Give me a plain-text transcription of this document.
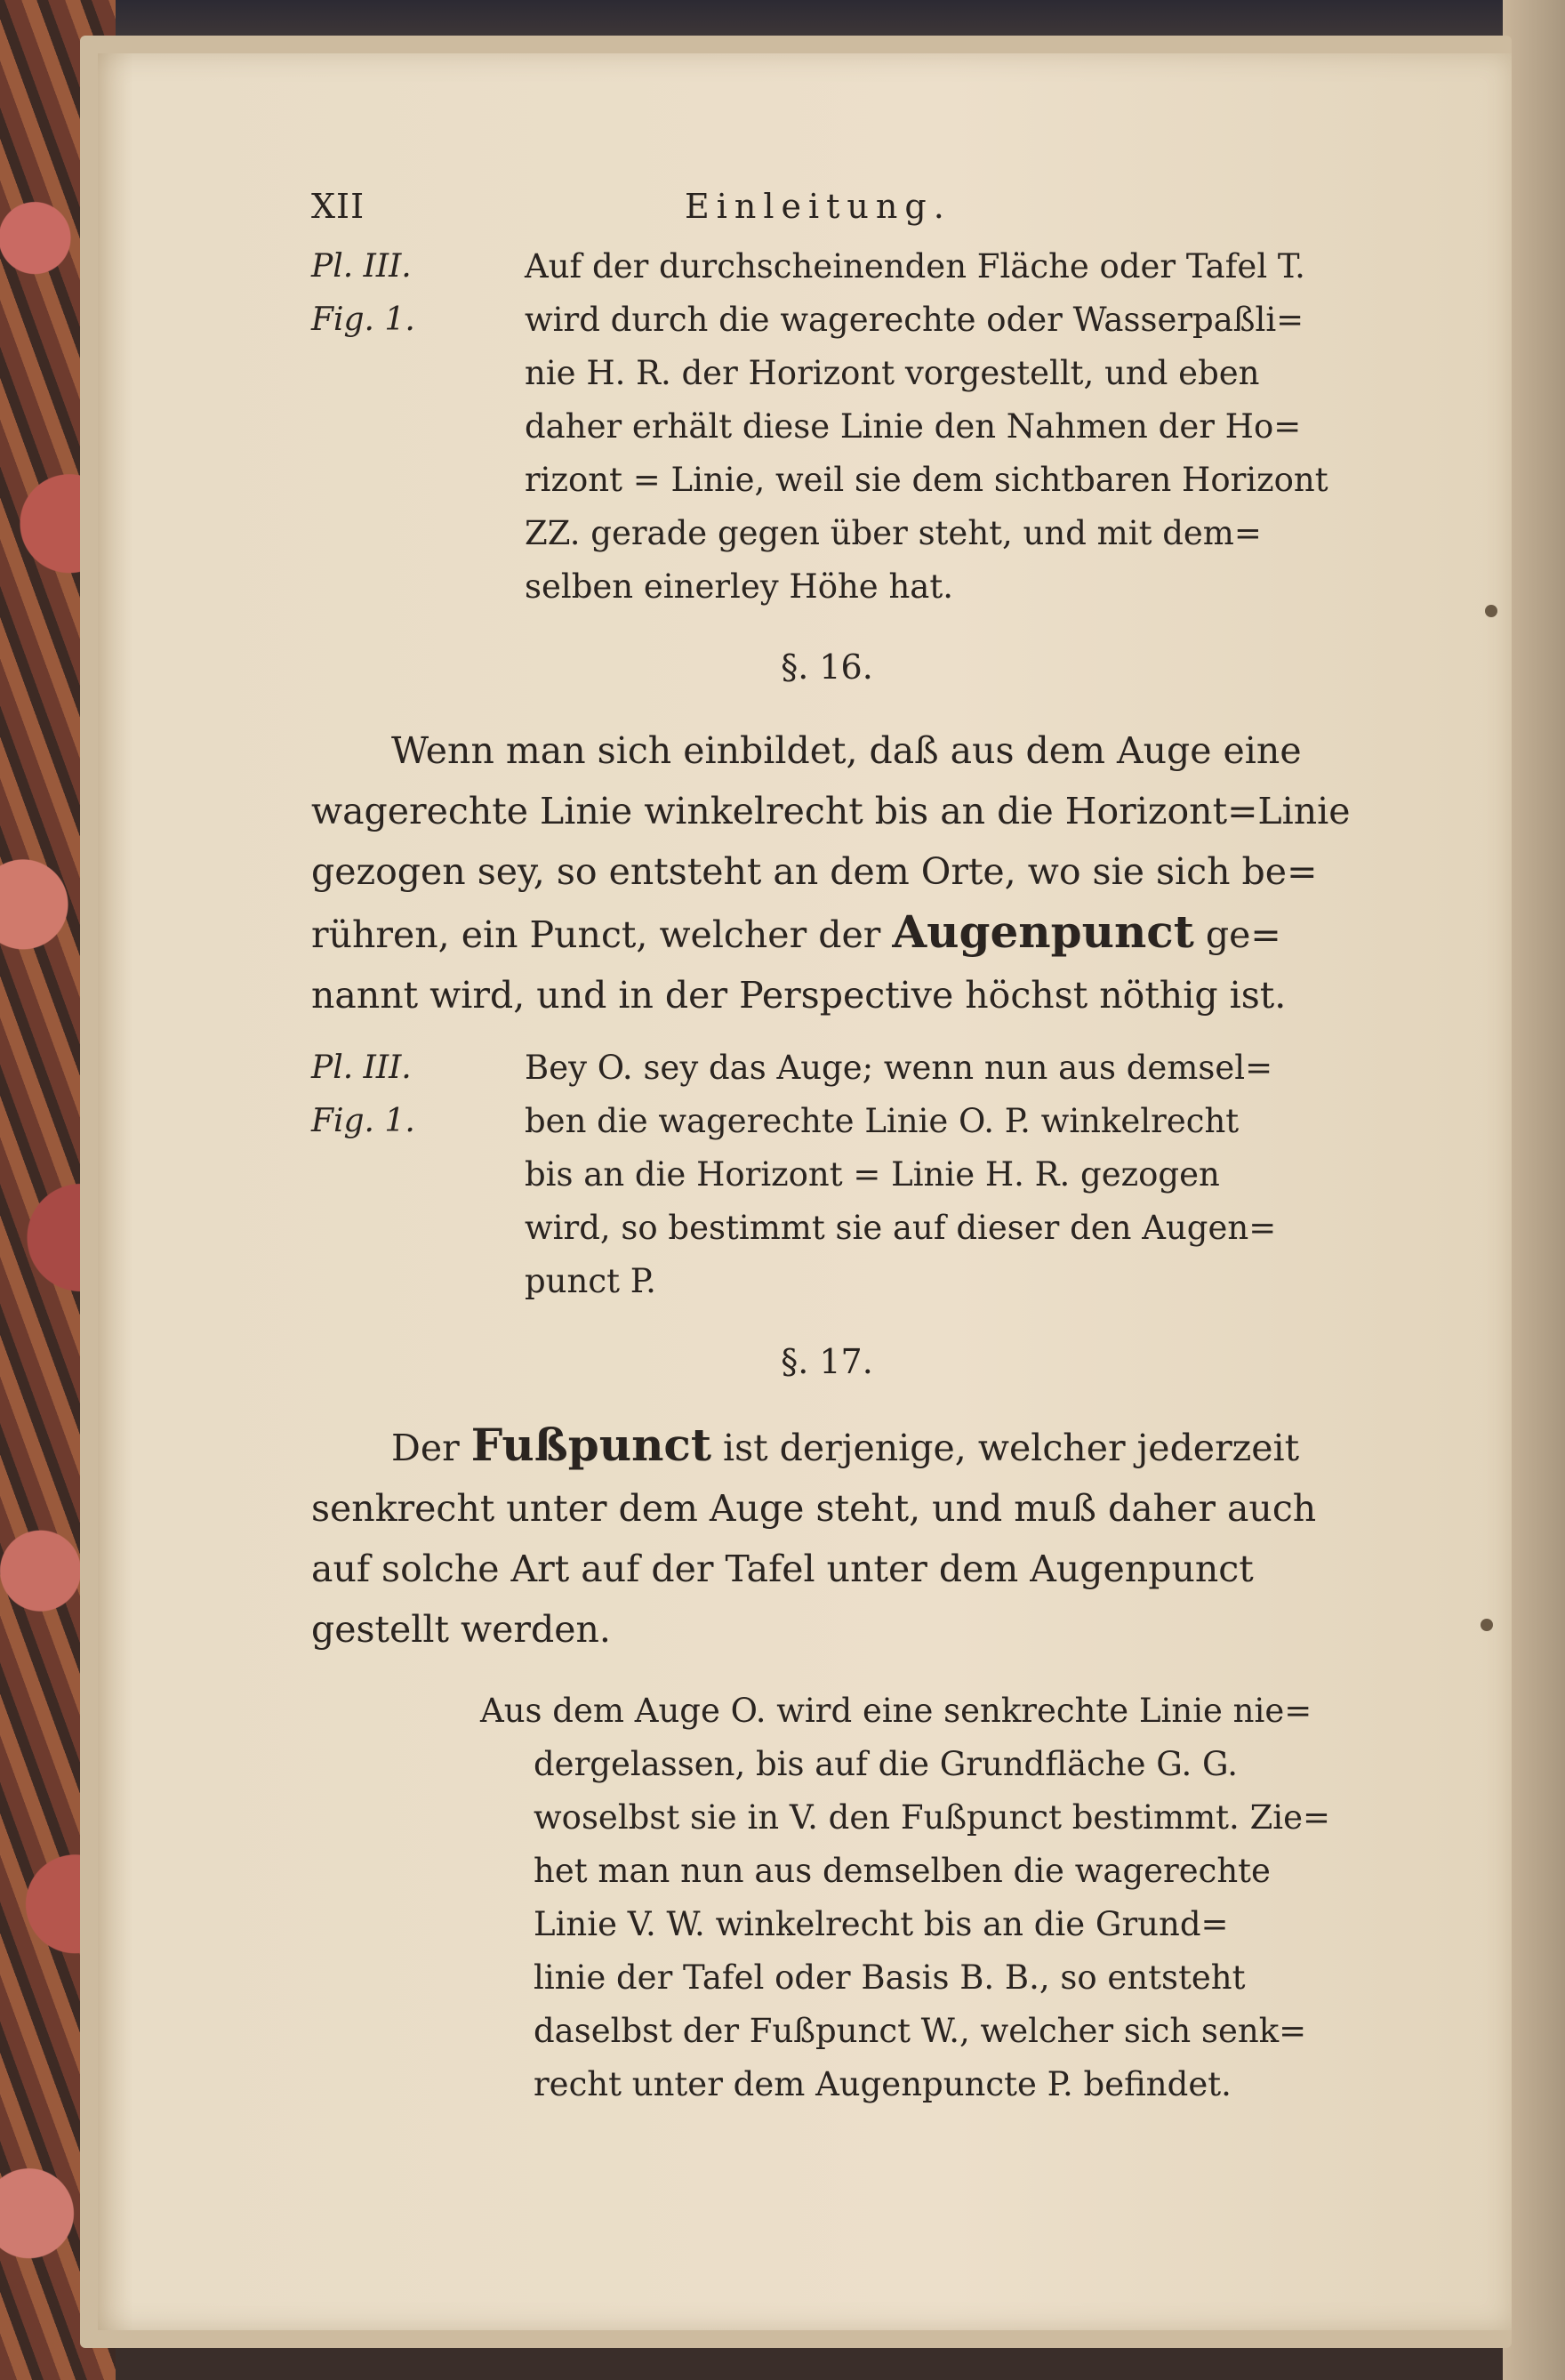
XII	Einleitung.
Pl. III.
Fig. 1.
Auf der durchscheinenden Fläche oder Tafel T.
wird durch die wagerechte oder Wasserpaßli=
nie H. R. der Horizont vorgestellt, und eben
daher erhält diese Linie den Nahmen der Ho=
rizont = Linie, weil sie dem sichtbaren Horizont
ZZ. gerade gegen über steht, und mit dem=
selben einerley Höhe hat.
§. 16.
Wenn man sich einbildet, daß aus dem Auge eine
wagerechte Linie winkelrecht bis an die Horizont=Linie
gezogen sey, so entsteht an dem Orte, wo sie sich be=
rühren, ein Punct, welcher der Augenpunct ge=
nannt wird, und in der Perspective höchst nöthig ist.
Pl. III.
Fig. 1.
Bey O. sey das Auge; wenn nun aus demsel=
ben die wagerechte Linie O. P. winkelrecht
bis an die Horizont = Linie H. R. gezogen
wird, so bestimmt sie auf dieser den Augen=
punct P.
§. 17.
Der Fußpunct ist derjenige, welcher jederzeit
senkrecht unter dem Auge steht, und muß daher auch
auf solche Art auf der Tafel unter dem Augenpunct
gestellt werden.
Aus dem Auge O. wird eine senkrechte Linie nie=
dergelassen, bis auf die Grundfläche G. G.
woselbst sie in V. den Fußpunct bestimmt. Zie=
het man nun aus demselben die wagerechte
Linie V. W. winkelrecht bis an die Grund=
linie der Tafel oder Basis B. B., so entsteht
daselbst der Fußpunct W., welcher sich senk=
recht unter dem Augenpuncte P. befindet.
